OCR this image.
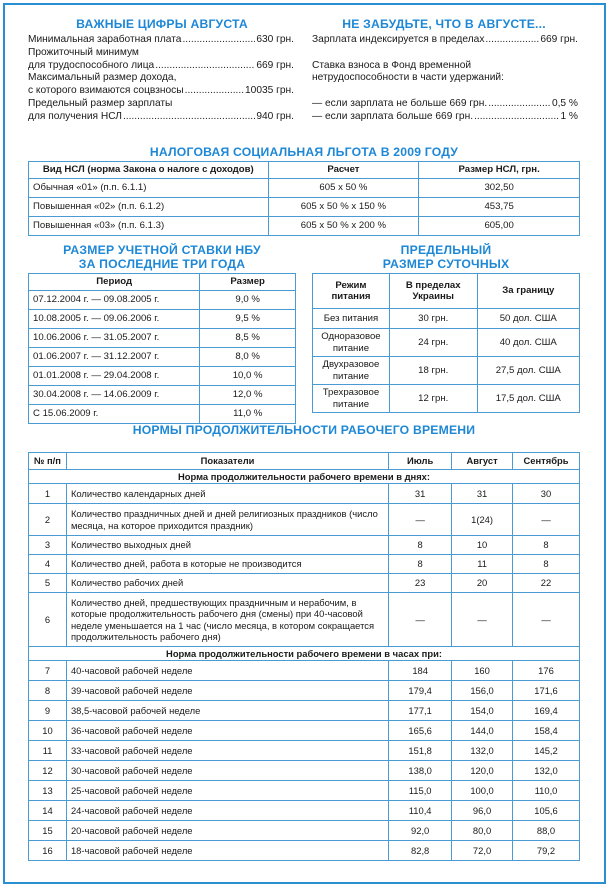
ВАЖНЫЕ ЦИФРЫ АВГУСТА
Минимальная заработная плата .....	630 грн.
Прожиточный минимум
для трудоспособного лица .....	669 грн.
Максимальный размер дохода,
с которого взимаются соцвзносы .....	10035 грн.
Предельный размер зарплаты
для получения НСЛ .....	940 грн.
НЕ ЗАБУДЬТЕ, ЧТО В АВГУСТЕ...
Зарплата индексируется в пределах .....	669 грн.
Ставка взноса в Фонд временной
нетрудоспособности в части удержаний:
— если зарплата не больше 669 грн. .....	0,5 %
— если зарплата больше 669 грн. .....	1 %
НАЛОГОВАЯ СОЦИАЛЬНАЯ ЛЬГОТА В 2009 ГОДУ
Вид НСЛ (норма Закона о налоге с доходов)	Расчет	Размер НСЛ, грн.
Обычная «01» (п.п. 6.1.1)	605 х 50 %	302,50
Повышенная «02» (п.п. 6.1.2)	605 х 50 % х 150 %	453,75
Повышенная «03» (п.п. 6.1.3)	605 х 50 % х 200 %	605,00
РАЗМЕР УЧЕТНОЙ СТАВКИ НБУ
ЗА ПОСЛЕДНИЕ ТРИ ГОДА
Период	Размер
07.12.2004 г. — 09.08.2005 г.	9,0 %
10.08.2005 г. — 09.06.2006 г.	9,5 %
10.06.2006 г. — 31.05.2007 г.	8,5 %
01.06.2007 г. — 31.12.2007 г.	8,0 %
01.01.2008 г. — 29.04.2008 г.	10,0 %
30.04.2008 г. — 14.06.2009 г.	12,0 %
С 15.06.2009 г.	11,0 %
ПРЕДЕЛЬНЫЙ
РАЗМЕР СУТОЧНЫХ
Режим питания	В пределах Украины	За границу
Без питания	30 грн.	50 дол. США
Одноразовое питание	24 грн.	40 дол. США
Двухразовое питание	18 грн.	27,5 дол. США
Трехразовое питание	12 грн.	17,5 дол. США
НОРМЫ ПРОДОЛЖИТЕЛЬНОСТИ РАБОЧЕГО ВРЕМЕНИ
№ п/п	Показатели	Июль	Август	Сентябрь
Норма продолжительности рабочего времени в днях:				
1	Количество календарных дней	31	31	30
2	Количество праздничных дней и дней религиозных праздников (число месяца, на которое приходится праздник)	—	1(24)	—
3	Количество выходных дней	8	10	8
4	Количество дней, работа в которые не производится	8	11	8
5	Количество рабочих дней	23	20	22
6	Количество дней, предшествующих праздничным и нерабочим, в которые продолжительность рабочего дня (смены) при 40-часовой неделе уменьшается на 1 час (число месяца, в котором сокращается продолжительность рабочего дня)	—	—	—
Норма продолжительности рабочего времени в часах при:				
7	40-часовой рабочей неделе	184	160	176
8	39-часовой рабочей неделе	179,4	156,0	171,6
9	38,5-часовой рабочей неделе	177,1	154,0	169,4
10	36-часовой рабочей неделе	165,6	144,0	158,4
11	33-часовой рабочей неделе	151,8	132,0	145,2
12	30-часовой рабочей неделе	138,0	120,0	132,0
13	25-часовой рабочей неделе	115,0	100,0	110,0
14	24-часовой рабочей неделе	110,4	96,0	105,6
15	20-часовой рабочей неделе	92,0	80,0	88,0
16	18-часовой рабочей неделе	82,8	72,0	79,2
